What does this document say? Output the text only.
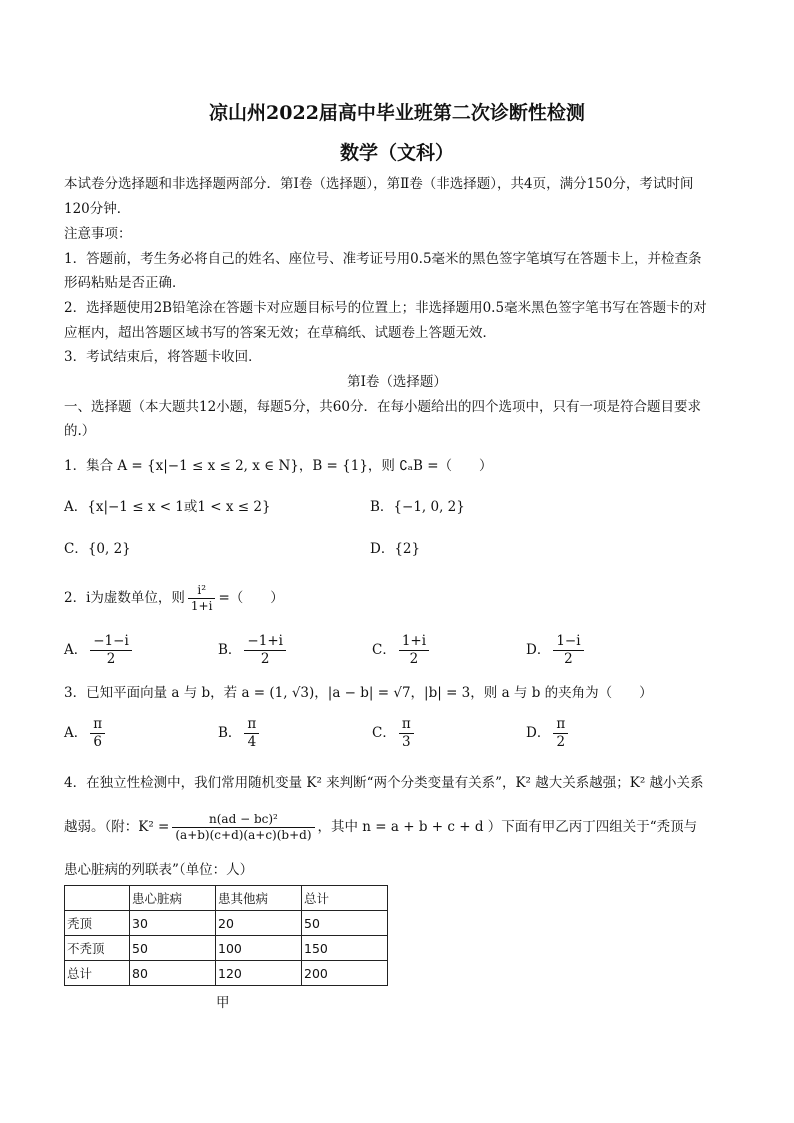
凉山州2022届高中毕业班第二次诊断性检测
数学（文科）
本试卷分选择题和非选择题两部分．第Ⅰ卷（选择题），第Ⅱ卷（非选择题），共4页，满分150分，考试时间
120分钟．
注意事项：
1．答题前，考生务必将自己的姓名、座位号、准考证号用0.5毫米的黑色签字笔填写在答题卡上，并检查条
形码粘贴是否正确．
2．选择题使用2B铅笔涂在答题卡对应题目标号的位置上；非选择题用0.5毫米黑色签字笔书写在答题卡的对
应框内，超出答题区域书写的答案无效；在草稿纸、试题卷上答题无效．
3．考试结束后，将答题卡收回．
第Ⅰ卷（选择题）
一、选择题（本大题共12小题，每题5分，共60分．在每小题给出的四个选项中，只有一项是符合题目要求
的.）
1．集合 A = {x|−1 ≤ x ≤ 2, x ∈ N}，B = {1}，则 ∁ₐB =（　　）
A．{x|−1 ≤ x < 1或1 < x ≤ 2}	B．{−1, 0, 2}
C．{0, 2}	D．{2}
2．i为虚数单位，则 $\frac{\text{i²}}{1+i}$ =（　　）
A． $\frac{-1-i}{2}$	B． $\frac{-1+i}{2}$	C． $\frac{1+i}{2}$	D． $\frac{1-i}{2}$
3．已知平面向量 a 与 b，若 a = (1, √3)，|a − b| = √7，|b| = 3，则 a 与 b 的夹角为（　　）
A． $\frac{\pi}{6}$	B． $\frac{\pi}{4}$	C． $\frac{\pi}{3}$	D． $\frac{\pi}{2}$
4．在独立性检测中，我们常用随机变量 K² 来判断“两个分类变量有关系”，K² 越大关系越强；K² 越小关系
越弱。（附：$K^2 = \frac{\text{n(ad − bc)²}}{(a+b)(c+d)(a+c)(b+d)}$ ，其中 n = a + b + c + d ）下面有甲乙丙丁四组关于“秃顶与
患心脏病的列联表”（单位：人）
	患心脏病	患其他病	总计
秃顶	30	20	50
不秃顶	50	100	150
总计	80	120	200
甲
